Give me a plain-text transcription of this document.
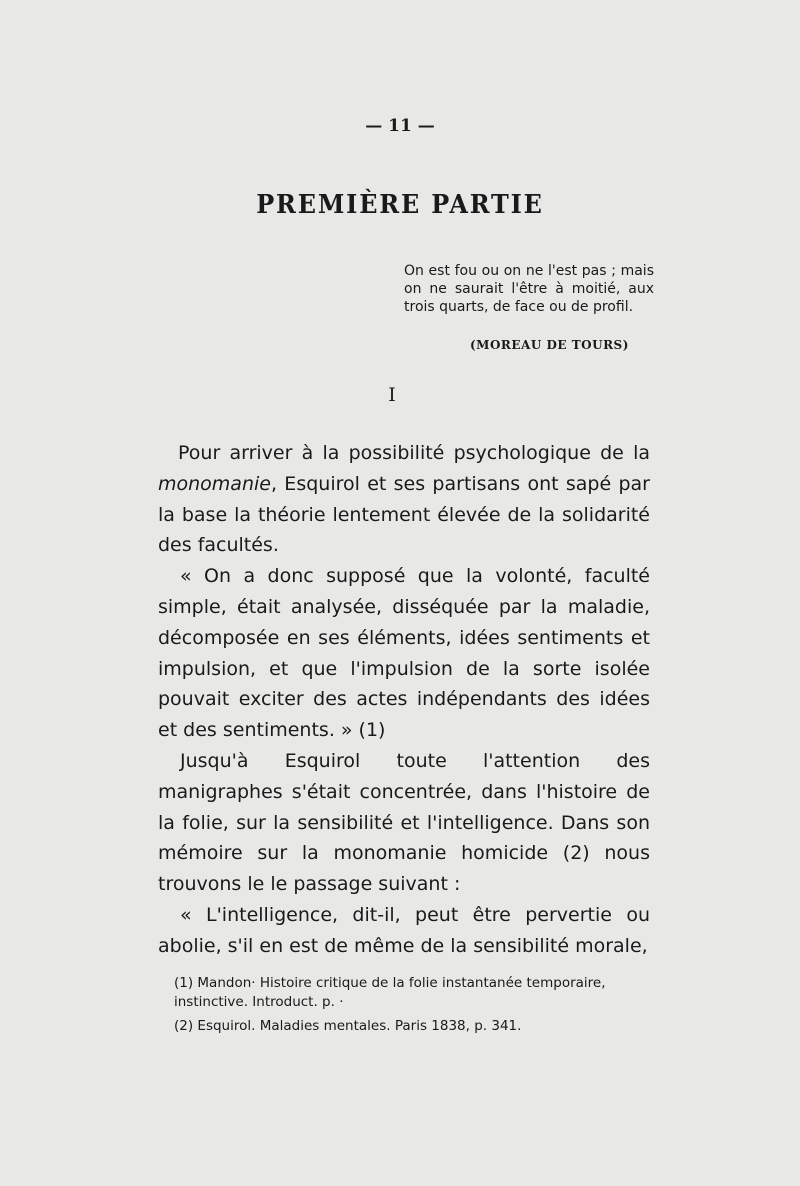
— 11 —
PREMIÈRE PARTIE
On est fou ou on ne l'est pas ; mais on ne saurait l'être à moitié, aux trois quarts, de face ou de profil.
(MOREAU DE TOURS)
I

Pour arriver à la possibilité psychologique de la monomanie, Esquirol et ses partisans ont sapé par la base la théorie lentement élevée de la solidarité des facultés.

« On a donc supposé que la volonté, faculté simple, était analysée, disséquée par la maladie, décomposée en ses éléments, idées sentiments et impulsion, et que l'impulsion de la sorte isolée pouvait exciter des actes indépendants des idées et des sentiments. » (1)

Jusqu'à Esquirol toute l'attention des manigraphes s'était concentrée, dans l'histoire de la folie, sur la sensibilité et l'intelligence. Dans son mémoire sur la monomanie homicide (2) nous trouvons le le passage suivant :

« L'intelligence, dit-il, peut être pervertie ou abolie, s'il en est de même de la sensibilité morale,

(1) Mandon· Histoire critique de la folie instantanée temporaire, instinctive. Introduct. p. ·

(2) Esquirol. Maladies mentales. Paris 1838, p. 341.
